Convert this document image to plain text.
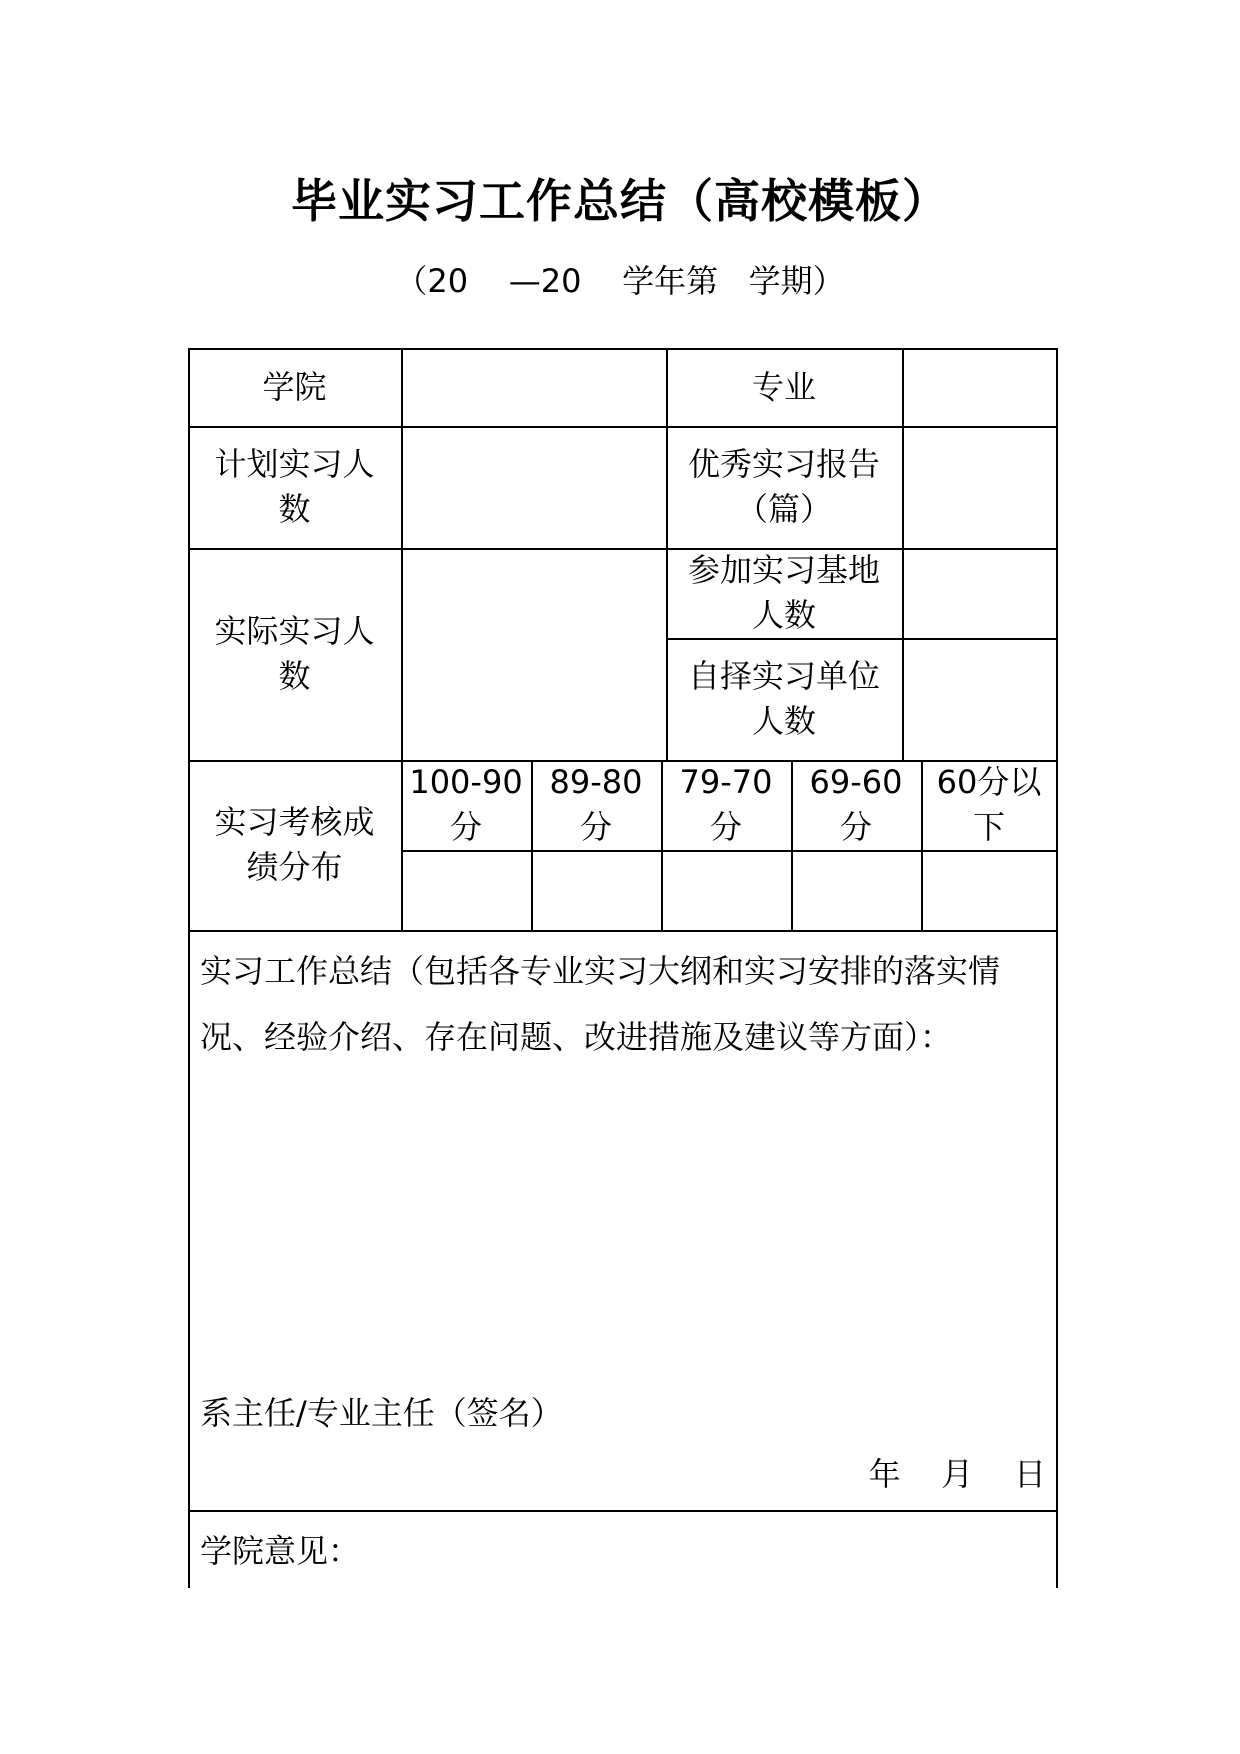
毕业实习工作总结（高校模板）
（20    —20    学年第   学期）
学院	专业
计划实习人数
优秀实习报告（篇）
实际实习人数
参加实习基地人数
自择实习单位人数
实习考核成绩分布
100-90分
89-80分
79-70分
69-60分
60分以下
实习工作总结（包括各专业实习大纲和实习安排的落实情况、经验介绍、存在问题、改进措施及建议等方面）：
系主任/专业主任（签名）
年    月    日
学院意见：
